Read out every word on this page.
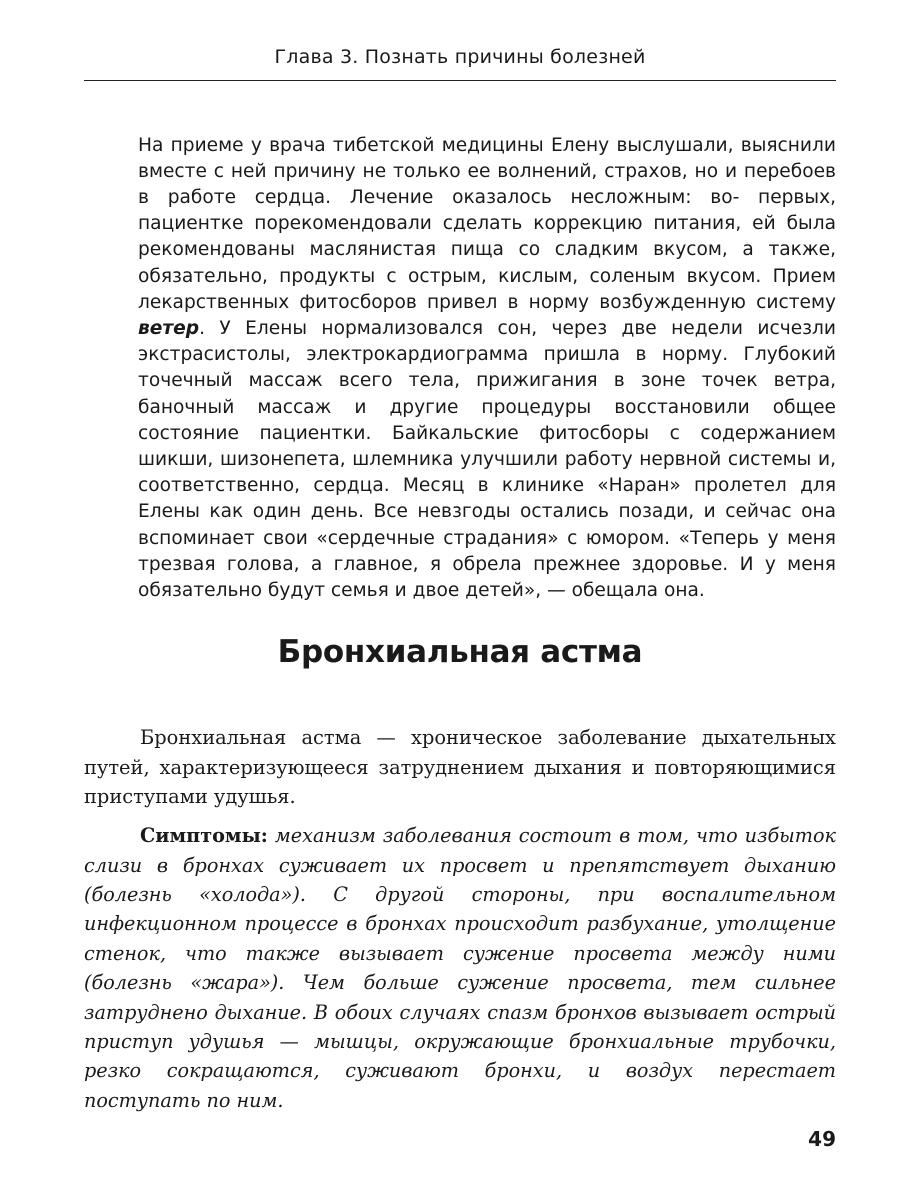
Глава 3. Познать причины болезней

На приеме у врача тибетской медицины Елену выслушали, выяснили вместе с ней причину не только ее волнений, страхов, но и перебоев в работе сердца. Лечение оказалось несложным: во- первых, пациентке порекомендовали сделать коррекцию питания, ей была рекомендованы маслянистая пища со сладким вкусом, а также, обязательно, продукты с острым, кислым, соленым вкусом. Прием лекарственных фитосборов привел в норму возбужденную систему ветер. У Елены нормализовался сон, через две недели исчезли экстрасистолы, электрокардиограмма пришла в норму. Глубокий точечный массаж всего тела, прижигания в зоне точек ветра, баночный массаж и другие процедуры восстановили общее состояние пациентки. Байкальские фитосборы с содержанием шикши, шизонепета, шлемника улучшили работу нервной системы и, соответственно, сердца. Месяц в клинике «Наран» пролетел для Елены как один день. Все невзгоды остались позади, и сейчас она вспоминает свои «сердечные страдания» с юмором. «Теперь у меня трезвая голова, а главное, я обрела прежнее здоровье. И у меня обязательно будут семья и двое детей», — обещала она.

Бронхиальная астма

Бронхиальная астма — хроническое заболевание дыхательных путей, характеризующееся затруднением дыхания и повторяющимися приступами удушья.

Симптомы: механизм заболевания состоит в том, что избыток слизи в бронхах суживает их просвет и препятствует дыханию (болезнь «холода»). С другой стороны, при воспалительном инфекционном процессе в бронхах происходит разбухание, утолщение стенок, что также вызывает сужение просвета между ними (болезнь «жара»). Чем больше сужение просвета, тем сильнее затруднено дыхание. В обоих случаях спазм бронхов вызывает острый приступ удушья — мышцы, окружающие бронхиальные трубочки, резко сокращаются, суживают бронхи, и воздух перестает поступать по ним.

49
